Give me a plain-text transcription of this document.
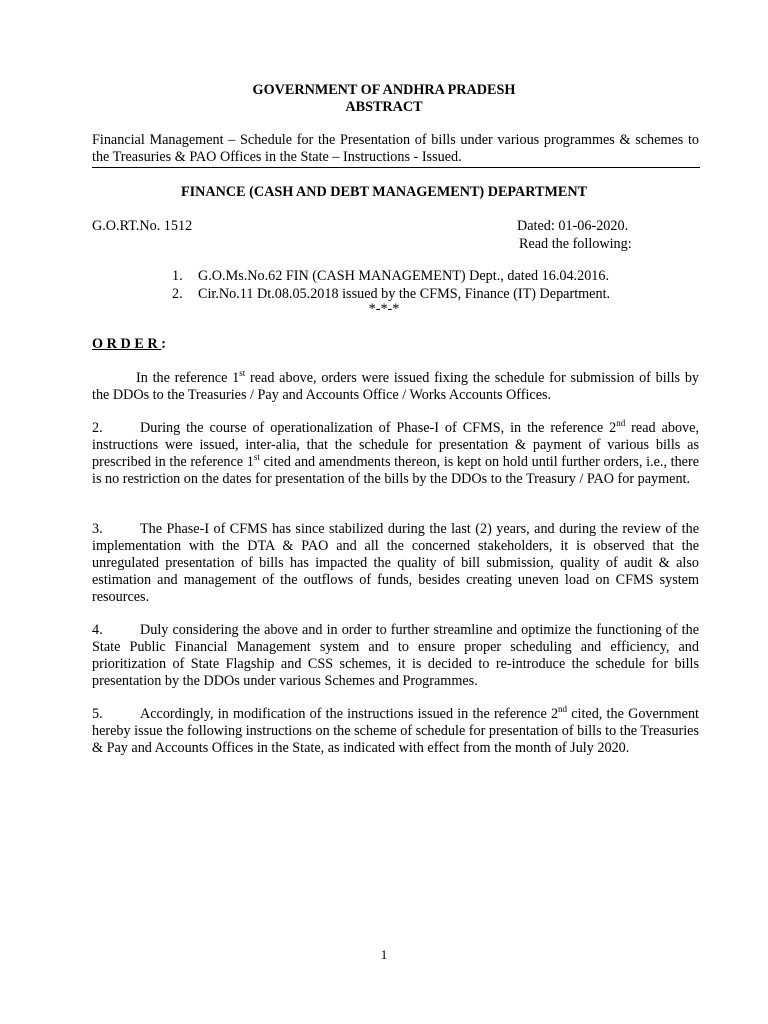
GOVERNMENT OF ANDHRA PRADESH
ABSTRACT
Financial Management – Schedule for the Presentation of bills under various programmes & schemes to the Treasuries & PAO Offices in the State – Instructions - Issued.
FINANCE (CASH AND DEBT MANAGEMENT) DEPARTMENT
G.O.RT.No. 1512	Dated: 01-06-2020.
Read the following:
1. G.O.Ms.No.62 FIN (CASH MANAGEMENT) Dept., dated 16.04.2016.
2. Cir.No.11 Dt.08.05.2018 issued by the CFMS, Finance (IT) Department.
*-*-*
ORDER:

In the reference 1st read above, orders were issued fixing the schedule for submission of bills by the DDOs to the Treasuries / Pay and Accounts Office / Works Accounts Offices.

2.	During the course of operationalization of Phase-I of CFMS, in the reference 2nd read above, instructions were issued, inter-alia, that the schedule for presentation & payment of various bills as prescribed in the reference 1st cited and amendments thereon, is kept on hold until further orders, i.e., there is no restriction on the dates for presentation of the bills by the DDOs to the Treasury / PAO for payment.

3.	The Phase-I of CFMS has since stabilized during the last (2) years, and during the review of the implementation with the DTA & PAO and all the concerned stakeholders, it is observed that the unregulated presentation of bills has impacted the quality of bill submission, quality of audit & also estimation and management of the outflows of funds, besides creating uneven load on CFMS system resources.

4.	Duly considering the above and in order to further streamline and optimize the functioning of the State Public Financial Management system and to ensure proper scheduling and efficiency, and prioritization of State Flagship and CSS schemes, it is decided to re-introduce the schedule for bills presentation by the DDOs under various Schemes and Programmes.

5.	Accordingly, in modification of the instructions issued in the reference 2nd cited, the Government hereby issue the following instructions on the scheme of schedule for presentation of bills to the Treasuries & Pay and Accounts Offices in the State, as indicated with effect from the month of July 2020.

1
